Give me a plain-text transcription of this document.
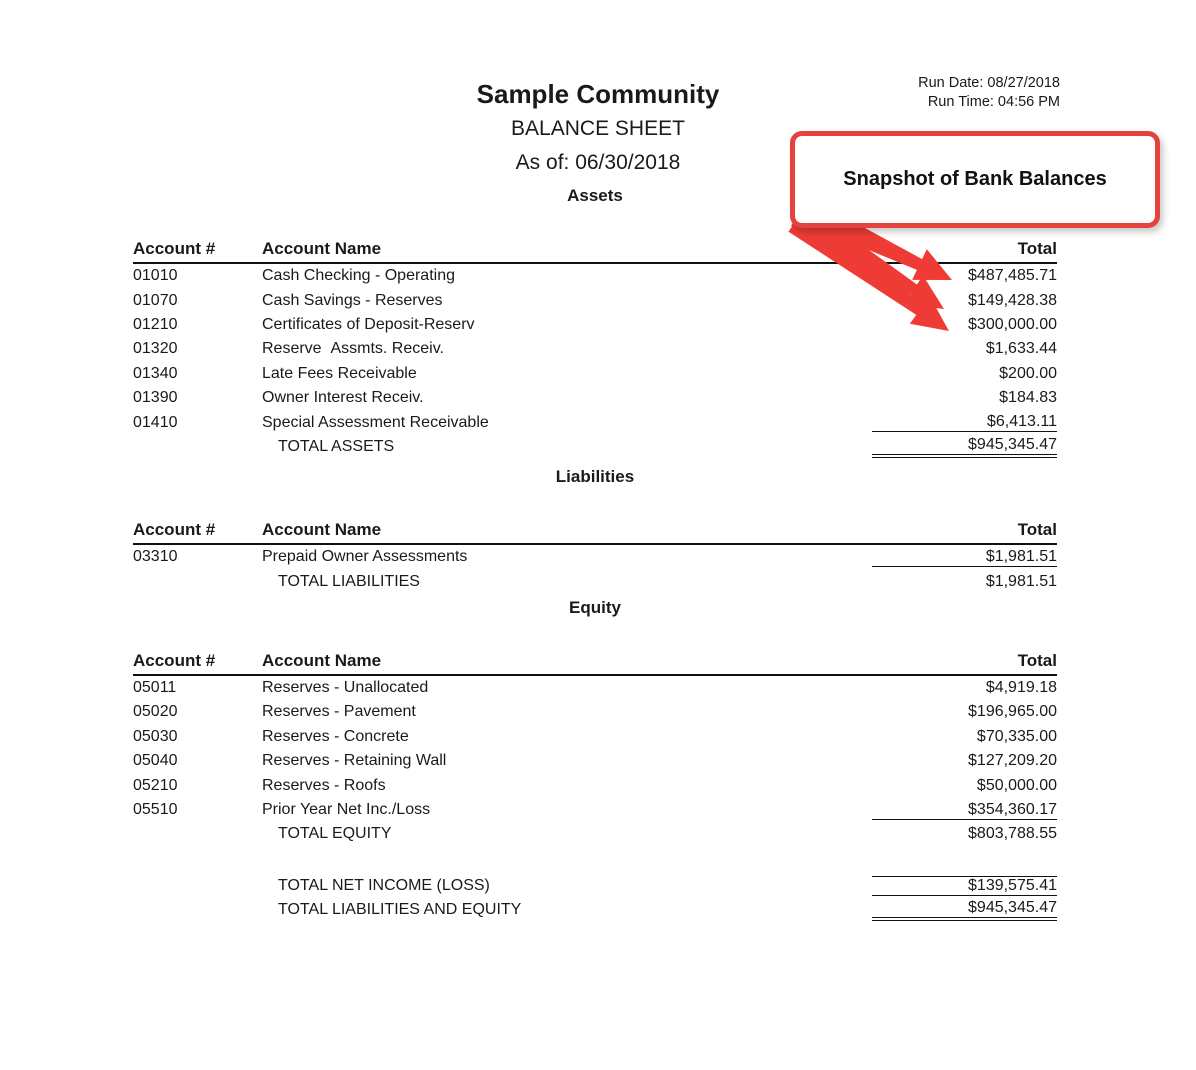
Sample Community
BALANCE SHEET
As of: 06/30/2018
Run Date: 08/27/2018
Run Time: 04:56 PM
Snapshot of Bank Balances
Assets
Account #	Account Name	Total
01010	Cash Checking - Operating	$487,485.71
01070	Cash Savings - Reserves	$149,428.38
01210	Certificates of Deposit-Reserv	$300,000.00
01320	Reserve  Assmts. Receiv.	$1,633.44
01340	Late Fees Receivable	$200.00
01390	Owner Interest Receiv.	$184.83
01410	Special Assessment Receivable	$6,413.11
TOTAL ASSETS	$945,345.47
Liabilities
Account #	Account Name	Total
03310	Prepaid Owner Assessments	$1,981.51
TOTAL LIABILITIES	$1,981.51
Equity
Account #	Account Name	Total
05011	Reserves - Unallocated	$4,919.18
05020	Reserves - Pavement	$196,965.00
05030	Reserves - Concrete	$70,335.00
05040	Reserves - Retaining Wall	$127,209.20
05210	Reserves - Roofs	$50,000.00
05510	Prior Year Net Inc./Loss	$354,360.17
TOTAL EQUITY	$803,788.55
TOTAL NET INCOME (LOSS)	$139,575.41
TOTAL LIABILITIES AND EQUITY	$945,345.47
